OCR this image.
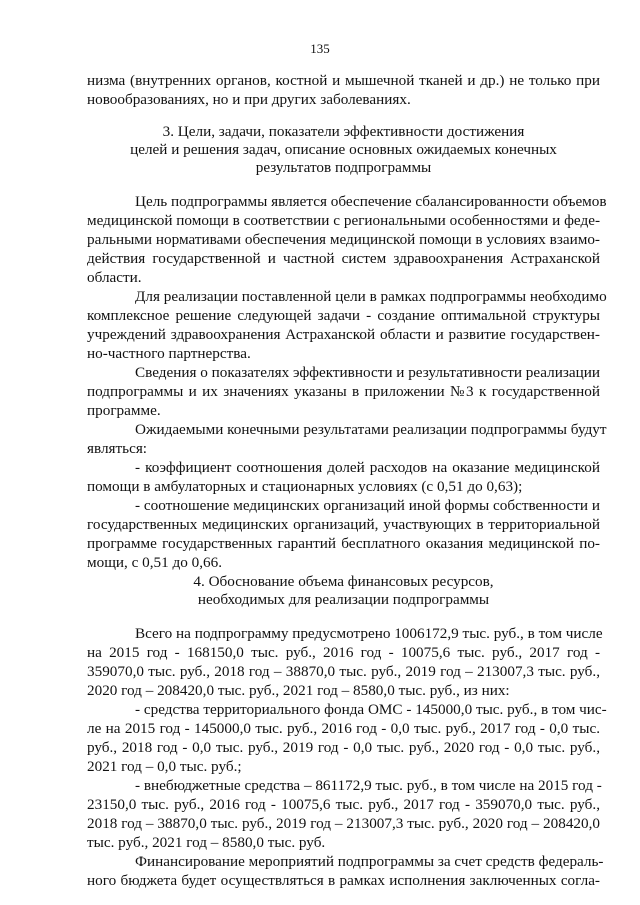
135
низма (внутренних органов, костной и мышечной тканей и др.) не только при
новообразованиях, но и при других заболеваниях.
3. Цели, задачи, показатели эффективности достижения
целей и решения задач, описание основных ожидаемых конечных
результатов подпрограммы
Цель подпрограммы является обеспечение сбалансированности объемов
медицинской помощи в соответствии с региональными особенностями и феде-
ральными нормативами обеспечения медицинской помощи в условиях взаимо-
действия государственной и частной систем здравоохранения Астраханской
области.
Для реализации поставленной цели в рамках подпрограммы необходимо
комплексное решение следующей задачи - создание оптимальной структуры
учреждений здравоохранения Астраханской области и развитие государствен-
но-частного партнерства.
Сведения о показателях эффективности и результативности реализации
подпрограммы и их значениях указаны в приложении №3 к государственной
программе.
Ожидаемыми конечными результатами реализации подпрограммы будут
являться:
- коэффициент соотношения долей расходов на оказание медицинской
помощи в амбулаторных и стационарных условиях (с 0,51 до 0,63);
- соотношение медицинских организаций иной формы собственности и
государственных медицинских организаций, участвующих в территориальной
программе государственных гарантий бесплатного оказания медицинской по-
мощи, с 0,51 до 0,66.
4. Обоснование объема финансовых ресурсов,
необходимых для реализации подпрограммы
Всего на подпрограмму предусмотрено 1006172,9 тыс. руб., в том числе
на 2015 год - 168150,0 тыс. руб., 2016 год - 10075,6 тыс. руб., 2017 год -
359070,0 тыс. руб., 2018 год – 38870,0 тыс. руб., 2019 год – 213007,3 тыс. руб.,
2020 год – 208420,0 тыс. руб., 2021 год – 8580,0 тыс. руб., из них:
- средства территориального фонда ОМС - 145000,0 тыс. руб., в том чис-
ле на 2015 год - 145000,0 тыс. руб., 2016 год - 0,0 тыс. руб., 2017 год - 0,0 тыс.
руб., 2018 год - 0,0 тыс. руб., 2019 год - 0,0 тыс. руб., 2020 год - 0,0 тыс. руб.,
2021 год – 0,0 тыс. руб.;
- внебюджетные средства – 861172,9 тыс. руб., в том числе на 2015 год -
23150,0 тыс. руб., 2016 год - 10075,6 тыс. руб., 2017 год - 359070,0 тыс. руб.,
2018 год – 38870,0 тыс. руб., 2019 год – 213007,3 тыс. руб., 2020 год – 208420,0
тыс. руб., 2021 год – 8580,0 тыс. руб.
Финансирование мероприятий подпрограммы за счет средств федераль-
ного бюджета будет осуществляться в рамках исполнения заключенных согла-
